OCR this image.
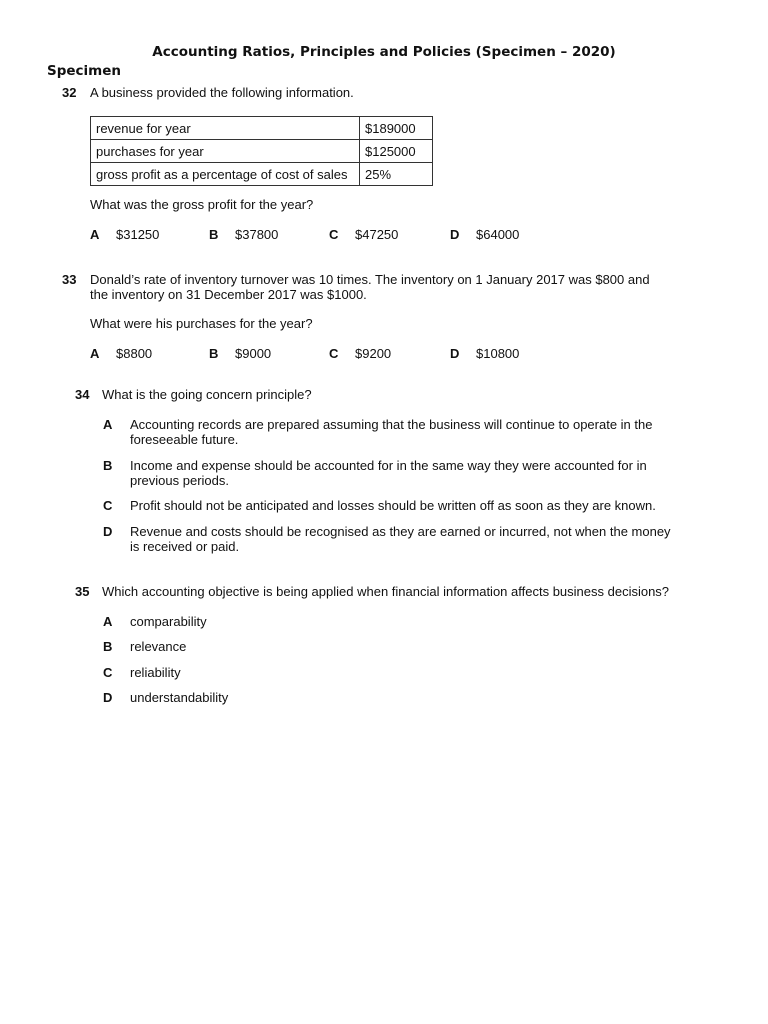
Accounting Ratios, Principles and Policies (Specimen – 2020)
Specimen
32 A business provided the following information.
revenue for year	$189000
purchases for year	$125000
gross profit as a percentage of cost of sales	25%
What was the gross profit for the year?
A $31250	B $37800	C $47250	D $64000
33 Donald’s rate of inventory turnover was 10 times. The inventory on 1 January 2017 was $800 and
the inventory on 31 December 2017 was $1000.
What were his purchases for the year?
A $8800	B $9000	C $9200	D $10800
34 What is the going concern principle?
A Accounting records are prepared assuming that the business will continue to operate in the
foreseeable future.
B Income and expense should be accounted for in the same way they were accounted for in
previous periods.
C Profit should not be anticipated and losses should be written off as soon as they are known.
D Revenue and costs should be recognised as they are earned or incurred, not when the money
is received or paid.
35 Which accounting objective is being applied when financial information affects business decisions?
A comparability
B relevance
C reliability
D understandability
